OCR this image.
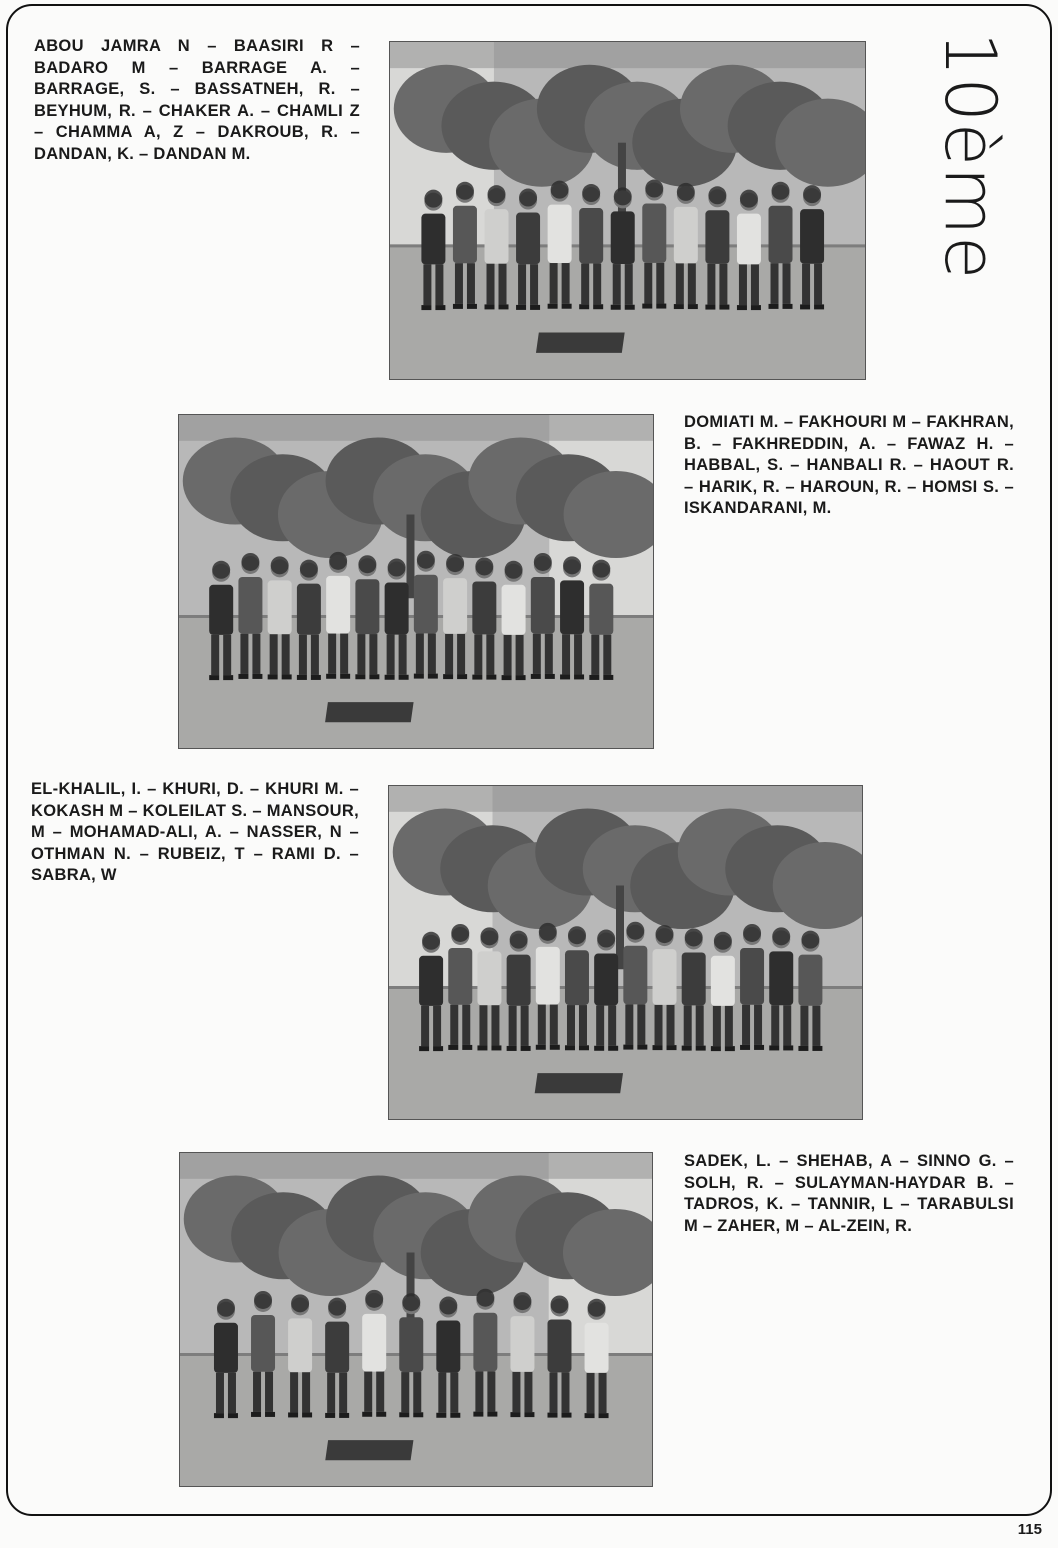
10ème

ABOU JAMRA N – BAASIRI R – BADARO M – BARRAGE A. – BARRAGE, S. – BASSATNEH, R. – BEYHUM, R. – CHAKER A. – CHAMLI Z – CHAMMA A, Z – DAKROUB, R. – DANDAN, K. – DANDAN M.

DOMIATI M. – FAKHOURI M – FAKHRAN, B. – FAKHREDDIN, A. – FAWAZ H. – HABBAL, S. – HANBALI R. – HAOUT R. – HARIK, R. – HAROUN, R. – HOMSI S. – ISKANDARANI, M.

EL-KHALIL, I. – KHURI, D. – KHURI M. – KOKASH M – KOLEILAT S. – MANSOUR, M – MOHAMAD-ALI, A. – NASSER, N – OTHMAN N. – RUBEIZ, T – RAMI D. – SABRA, W

SADEK, L. – SHEHAB, A – SINNO G. – SOLH, R. – SULAYMAN-HAYDAR B. – TADROS, K. – TANNIR, L – TARABULSI M – ZAHER, M – AL-ZEIN, R.

115
